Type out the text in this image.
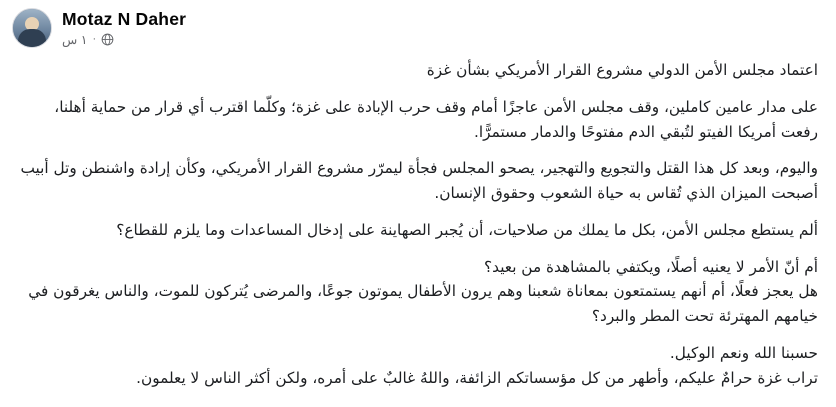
Motaz N Daher
·
١ س

اعتماد مجلس الأمن الدولي مشروع القرار الأمريكي بشأن غزة

على مدار عامين كاملين، وقف مجلس الأمن عاجزًا أمام وقف حرب الإبادة على غزة؛ وكلّما اقترب أي قرار من حماية أهلنا، رفعت أمريكا الفيتو لتُبقي الدم مفتوحًا والدمار مستمرًّا.

واليوم، وبعد كل هذا القتل والتجويع والتهجير، يصحو المجلس فجأة ليمرّر مشروع القرار الأمريكي، وكأن إرادة واشنطن وتل أبيب أصبحت الميزان الذي تُقاس به حياة الشعوب وحقوق الإنسان.

ألم يستطع مجلس الأمن، بكل ما يملك من صلاحيات، أن يُجبر الصهاينة على إدخال المساعدات وما يلزم للقطاع؟

أم أنّ الأمر لا يعنيه أصلًا، ويكتفي بالمشاهدة من بعيد؟

هل يعجز فعلًا، أم أنهم يستمتعون بمعاناة شعبنا وهم يرون الأطفال يموتون جوعًا، والمرضى يُتركون للموت، والناس يغرقون في خيامهم المهترئة تحت المطر والبرد؟

حسبنا الله ونعم الوكيل.

تراب غزة حرامٌ عليكم، وأطهر من كل مؤسساتكم الزائفة، واللهُ غالبٌ على أمره، ولكن أكثر الناس لا يعلمون.
